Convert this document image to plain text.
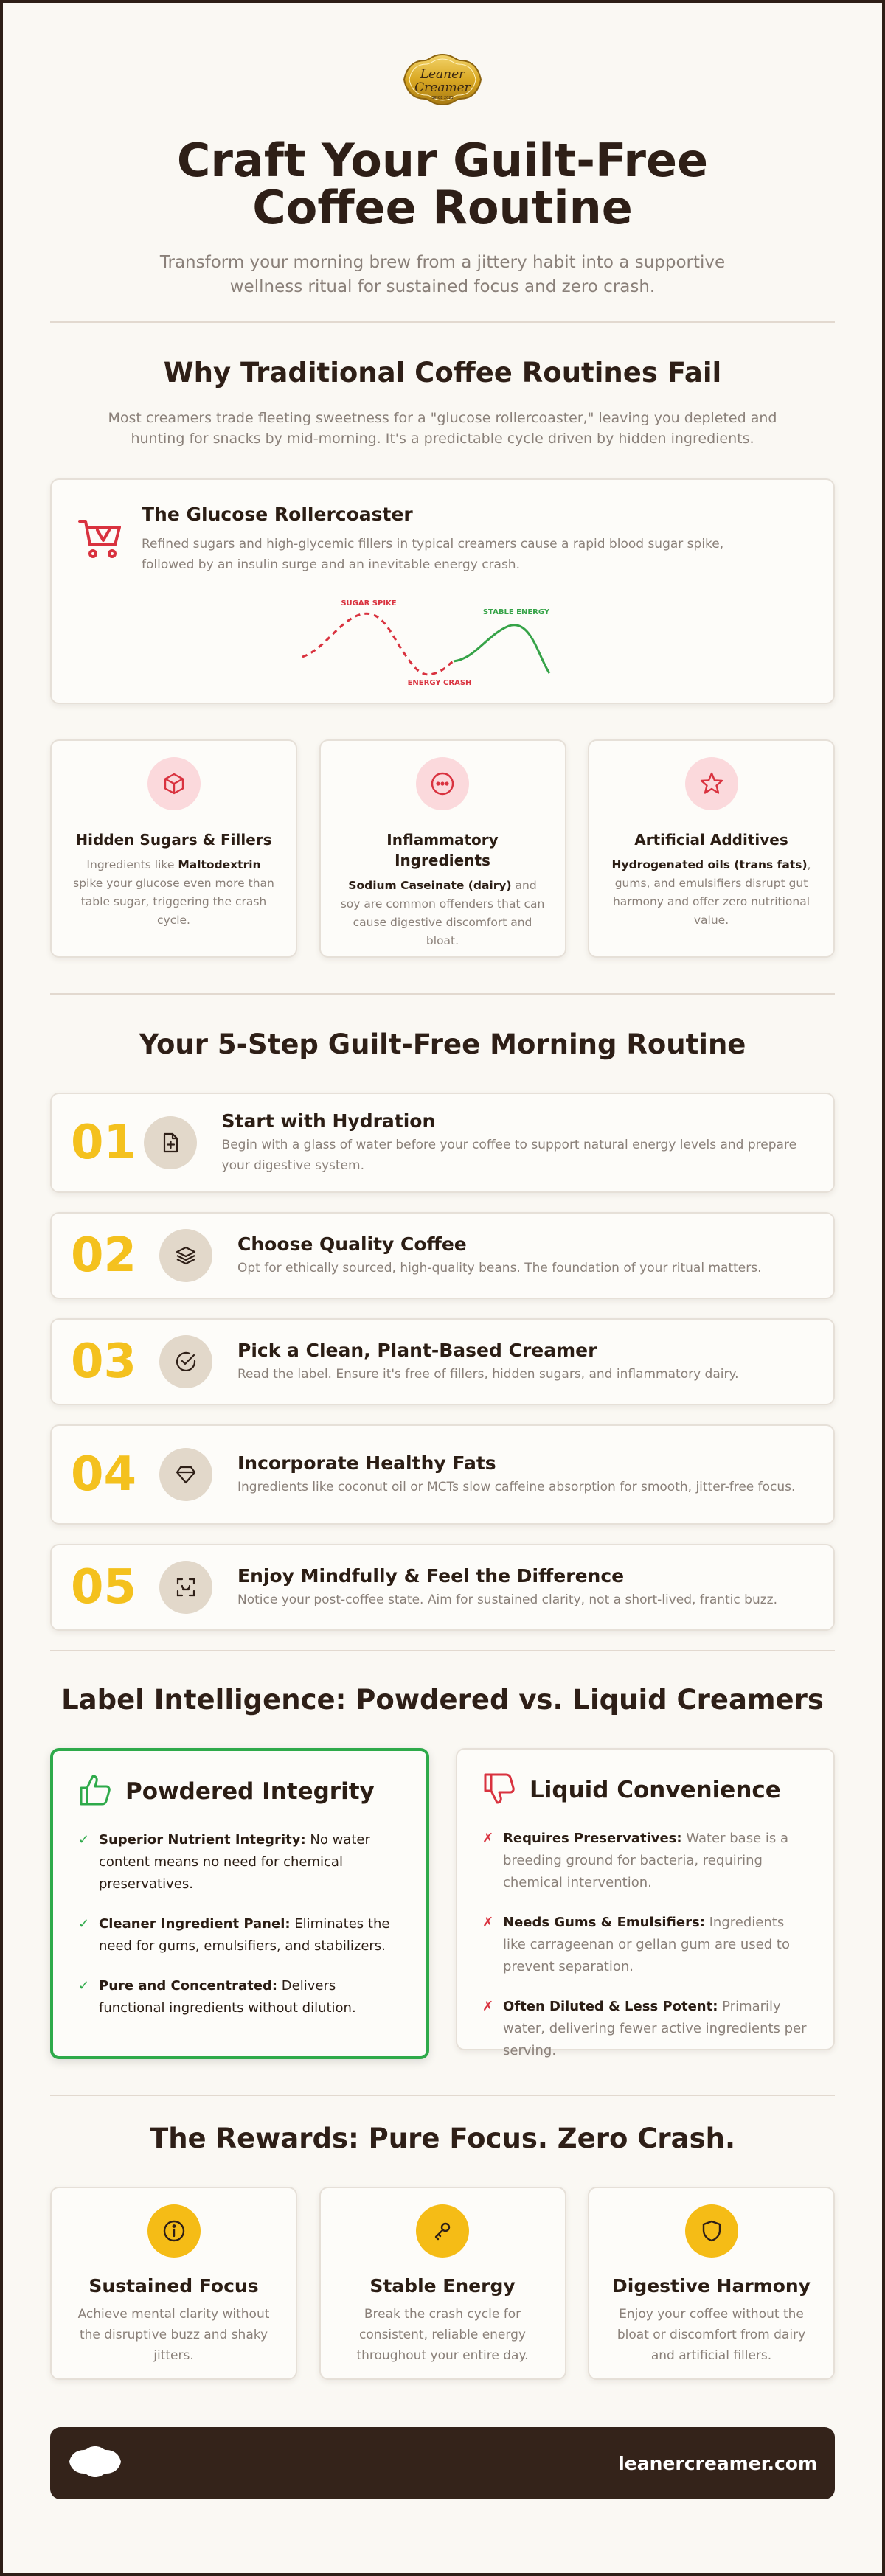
Leaner
Creamer
SINCE 2021
Craft Your Guilt-Free Coffee Routine

Transform your morning brew from a jittery habit into a supportive wellness ritual for sustained focus and zero crash.

Why Traditional Coffee Routines Fail

Most creamers trade fleeting sweetness for a "glucose rollercoaster," leaving you depleted and hunting for snacks by mid-morning. It's a predictable cycle driven by hidden ingredients.

The Glucose Rollercoaster

Refined sugars and high-glycemic fillers in typical creamers cause a rapid blood sugar spike, followed by an insulin surge and an inevitable energy crash.

SUGAR SPIKE
ENERGY CRASH
STABLE ENERGY
Hidden Sugars & Fillers

Ingredients like Maltodextrin spike your glucose even more than table sugar, triggering the crash cycle.

Inflammatory Ingredients

Sodium Caseinate (dairy) and soy are common offenders that can cause digestive discomfort and bloat.

Artificial Additives

Hydrogenated oils (trans fats), gums, and emulsifiers disrupt gut harmony and offer zero nutritional value.

Your 5-Step Guilt-Free Morning Routine
01	Start with Hydration

Begin with a glass of water before your coffee to support natural energy levels and prepare your digestive system.

02	Choose Quality Coffee

Opt for ethically sourced, high-quality beans. The foundation of your ritual matters.

03	Pick a Clean, Plant-Based Creamer

Read the label. Ensure it's free of fillers, hidden sugars, and inflammatory dairy.

04	Incorporate Healthy Fats

Ingredients like coconut oil or MCTs slow caffeine absorption for smooth, jitter-free focus.

05	Enjoy Mindfully & Feel the Difference

Notice your post-coffee state. Aim for sustained clarity, not a short-lived, frantic buzz.

Label Intelligence: Powdered vs. Liquid Creamers
Powdered Integrity
✓ Superior Nutrient Integrity: No water content means no need for chemical preservatives.
✓ Cleaner Ingredient Panel: Eliminates the need for gums, emulsifiers, and stabilizers.
✓ Pure and Concentrated: Delivers functional ingredients without dilution.
Liquid Convenience
✗ Requires Preservatives: Water base is a breeding ground for bacteria, requiring chemical intervention.
✗ Needs Gums & Emulsifiers: Ingredients like carrageenan or gellan gum are used to prevent separation.
✗ Often Diluted & Less Potent: Primarily water, delivering fewer active ingredients per serving.
The Rewards: Pure Focus. Zero Crash.
Sustained Focus

Achieve mental clarity without the disruptive buzz and shaky jitters.

Stable Energy

Break the crash cycle for consistent, reliable energy throughout your entire day.

Digestive Harmony

Enjoy your coffee without the bloat or discomfort from dairy and artificial fillers.

leanercreamer.com
